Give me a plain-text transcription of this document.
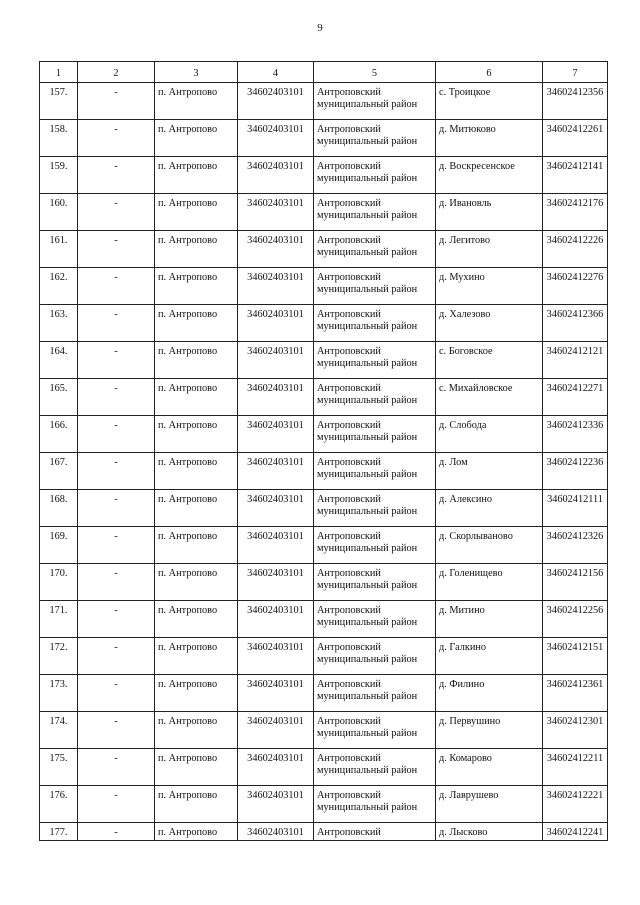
9
1	2	3	4	5	6	7
157.	-	п. Антропово	34602403101	Антроповский муниципальный район	с. Троицкое	34602412356
158.	-	п. Антропово	34602403101	Антроповский муниципальный район	д. Митюково	34602412261
159.	-	п. Антропово	34602403101	Антроповский муниципальный район	д. Воскресенское	34602412141
160.	-	п. Антропово	34602403101	Антроповский муниципальный район	д. Ивановль	34602412176
161.	-	п. Антропово	34602403101	Антроповский муниципальный район	д. Легитово	34602412226
162.	-	п. Антропово	34602403101	Антроповский муниципальный район	д. Мухино	34602412276
163.	-	п. Антропово	34602403101	Антроповский муниципальный район	д. Халезово	34602412366
164.	-	п. Антропово	34602403101	Антроповский муниципальный район	с. Боговское	34602412121
165.	-	п. Антропово	34602403101	Антроповский муниципальный район	с. Михайловское	34602412271
166.	-	п. Антропово	34602403101	Антроповский муниципальный район	д. Слобода	34602412336
167.	-	п. Антропово	34602403101	Антроповский муниципальный район	д. Лом	34602412236
168.	-	п. Антропово	34602403101	Антроповский муниципальный район	д. Алексино	34602412111
169.	-	п. Антропово	34602403101	Антроповский муниципальный район	д. Скорлываново	34602412326
170.	-	п. Антропово	34602403101	Антроповский муниципальный район	д. Голенищево	34602412156
171.	-	п. Антропово	34602403101	Антроповский муниципальный район	д. Митино	34602412256
172.	-	п. Антропово	34602403101	Антроповский муниципальный район	д. Галкино	34602412151
173.	-	п. Антропово	34602403101	Антроповский муниципальный район	д. Филино	34602412361
174.	-	п. Антропово	34602403101	Антроповский муниципальный район	д. Первушино	34602412301
175.	-	п. Антропово	34602403101	Антроповский муниципальный район	д. Комарово	34602412211
176.	-	п. Антропово	34602403101	Антроповский муниципальный район	д. Лаврушево	34602412221
177.	-	п. Антропово	34602403101	Антроповский	д. Лысково	34602412241
